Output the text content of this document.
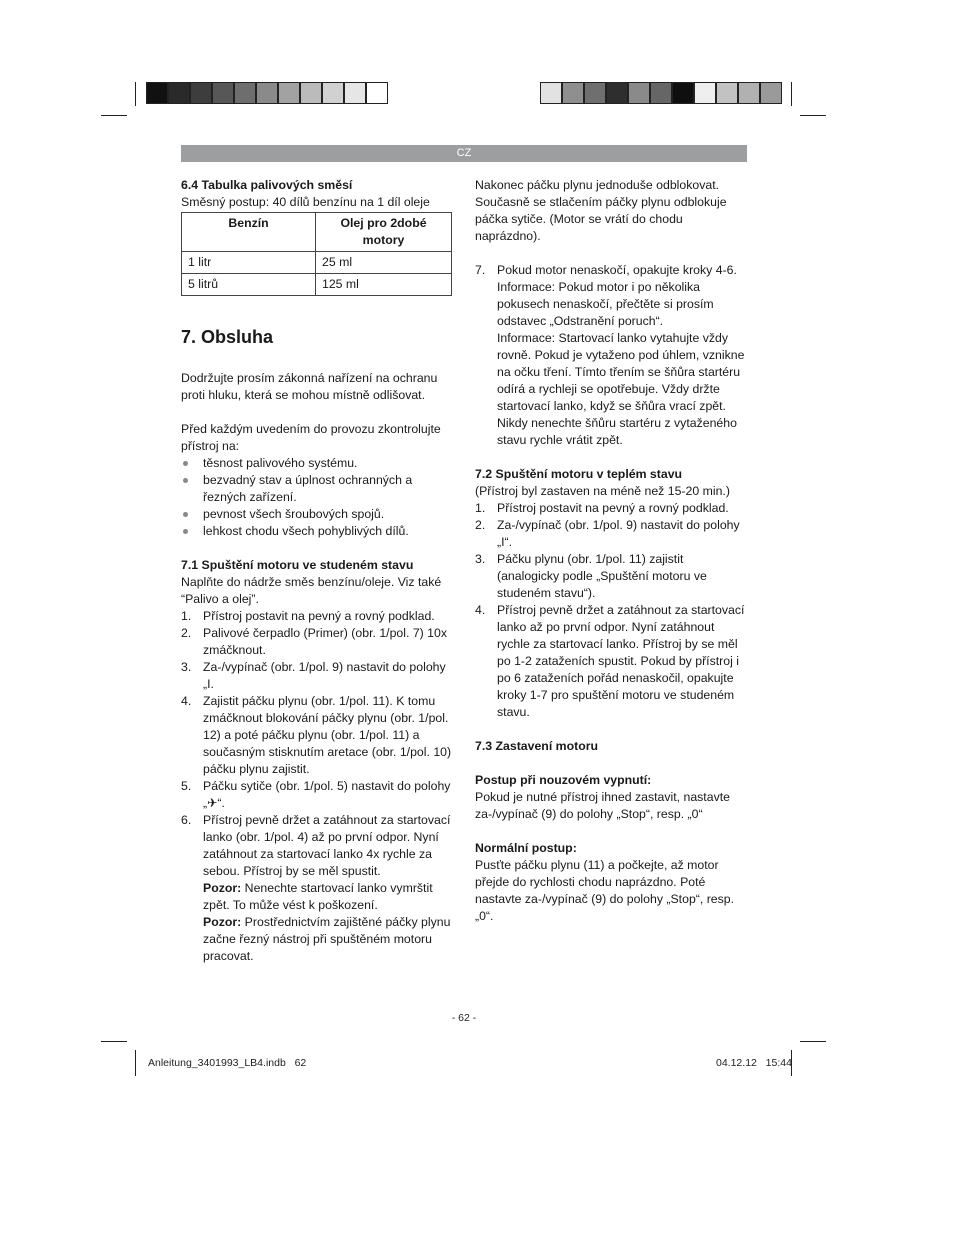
CZ

6.4 Tabulka palivových směsí

Směsný postup: 40 dílů benzínu na 1 díl oleje

Benzín	Olej pro 2dobé motory
1 litr	25 ml
5 litrů	125 ml

7. Obsluha

Dodržujte prosím zákonná nařízení na ochranu proti hluku, která se mohou místně odlišovat.

Před každým uvedením do provozu zkontrolujte přístroj na:

těsnost palivového systému.
bezvadný stav a úplnost ochranných a řezných zařízení.
pevnost všech šroubových spojů.
lehkost chodu všech pohyblivých dílů.

7.1 Spuštění motoru ve studeném stavu

Naplňte do nádrže směs benzínu/oleje. Viz také “Palivo a olej”.

1. Přístroj postavit na pevný a rovný podklad.
2. Palivové čerpadlo (Primer) (obr. 1/pol. 7) 10x zmáčknout.
3. Za-/vypínač (obr. 1/pol. 9) nastavit do polohy „I.
4. Zajistit páčku plynu (obr. 1/pol. 11). K tomu zmáčknout blokování páčky plynu (obr. 1/pol. 12) a poté páčku plynu (obr. 1/pol. 11) a současným stisknutím aretace (obr. 1/pol. 10) páčku plynu zajistit.
5. Páčku sytiče (obr. 1/pol. 5) nastavit do polohy „✈“.
6. Přístroj pevně držet a zatáhnout za startovací lanko (obr. 1/pol. 4) až po první odpor. Nyní zatáhnout za startovací lanko 4x rychle za sebou. Přístroj by se měl spustit.
Pozor: Nenechte startovací lanko vymrštit zpět. To může vést k poškození.
Pozor: Prostřednictvím zajištěné páčky plynu začne řezný nástroj při spuštěném motoru pracovat.

Nakonec páčku plynu jednoduše odblokovat. Současně se stlačením páčky plynu odblokuje páčka sytiče. (Motor se vrátí do chodu naprázdno).

7. Pokud motor nenaskočí, opakujte kroky 4-6.
Informace: Pokud motor i po několika pokusech nenaskočí, přečtěte si prosím odstavec „Odstranění poruch“.
Informace: Startovací lanko vytahujte vždy rovně. Pokud je vytaženo pod úhlem, vznikne na očku tření. Tímto třením se šňůra startéru odírá a rychleji se opotřebuje. Vždy držte startovací lanko, když se šňůra vrací zpět. Nikdy nenechte šňůru startéru z vytaženého stavu rychle vrátit zpět.

7.2 Spuštění motoru v teplém stavu

(Přístroj byl zastaven na méně než 15-20 min.)

1. Přístroj postavit na pevný a rovný podklad.
2. Za-/vypínač (obr. 1/pol. 9) nastavit do polohy „I“.
3. Páčku plynu (obr. 1/pol. 11) zajistit (analogicky podle „Spuštění motoru ve studeném stavu“).
4. Přístroj pevně držet a zatáhnout za startovací lanko až po první odpor. Nyní zatáhnout rychle za startovací lanko. Přístroj by se měl po 1-2 zataženích spustit. Pokud by přístroj i po 6 zataženích pořád nenaskočil, opakujte kroky 1-7 pro spuštění motoru ve studeném stavu.

7.3 Zastavení motoru

Postup při nouzovém vypnutí:

Pokud je nutné přístroj ihned zastavit, nastavte za-/vypínač (9) do polohy „Stop“, resp. „0“

Normální postup:

Pusťte páčku plynu (11) a počkejte, až motor přejde do rychlosti chodu naprázdno. Poté nastavte za-/vypínač (9) do polohy „Stop“, resp. „0“.

- 62 -
Anleitung_3401993_LB4.indb 62	04.12.12 15:44
